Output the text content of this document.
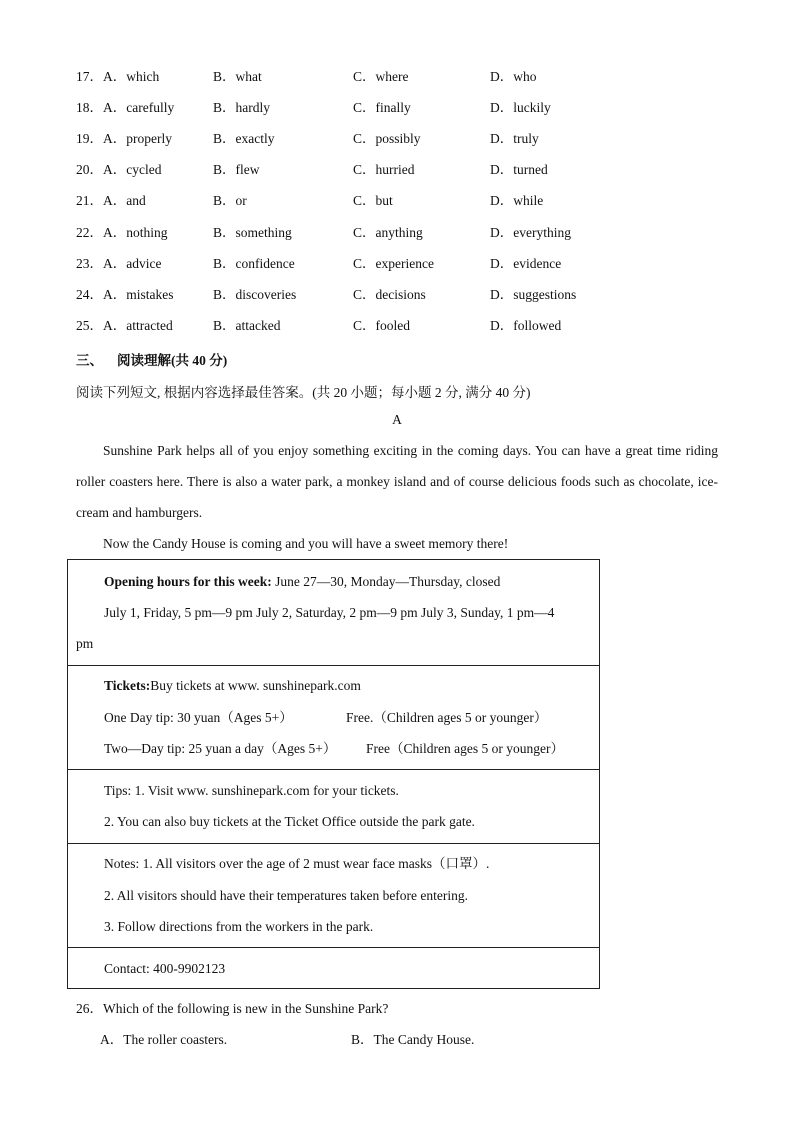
17． A．which	B．what	C．where	D．who
18． A．carefully	B．hardly	C．finally	D．luckily
19． A．properly	B．exactly	C．possibly	D．truly
20． A．cycled	B．flew	C．hurried	D．turned
21． A．and	B．or	C．but	D．while
22． A．nothing	B．something	C．anything	D．everything
23． A．advice	B．confidence	C．experience	D．evidence
24． A．mistakes	B．discoveries	C．decisions	D．suggestions
25． A．attracted	B．attacked	C．fooled	D．followed
三、 阅读理解(共 40 分)
阅读下列短文, 根据内容选择最佳答案。(共 20 小题；每小题 2 分, 满分 40 分)
A
Sunshine Park helps all of you enjoy something exciting in the coming days. You can have a great time riding roller coasters here. There is also a water park, a monkey island and of course delicious foods such as chocolate, ice-cream and hamburgers.
Now the Candy House is coming and you will have a sweet memory there!
Opening hours for this week: June 27—30, Monday—Thursday, closed
July 1, Friday, 5 pm—9 pm July 2, Saturday, 2 pm—9 pm July 3, Sunday, 1 pm—4
pm
Tickets:Buy tickets at www. sunshinepark.com
One Day tip: 30 yuan（Ages 5+）	Free.（Children ages 5 or younger）
Two—Day tip: 25 yuan a day（Ages 5+） Free（Children ages 5 or younger）
Tips: 1. Visit www. sunshinepark.com for your tickets.
2. You can also buy tickets at the Ticket Office outside the park gate.
Notes: 1. All visitors over the age of 2 must wear face masks（口罩）.
2. All visitors should have their temperatures taken before entering.
3. Follow directions from the workers in the park.
Contact: 400-9902123
26．Which of the following is new in the Sunshine Park?
A．The roller coasters.	B．The Candy House.
